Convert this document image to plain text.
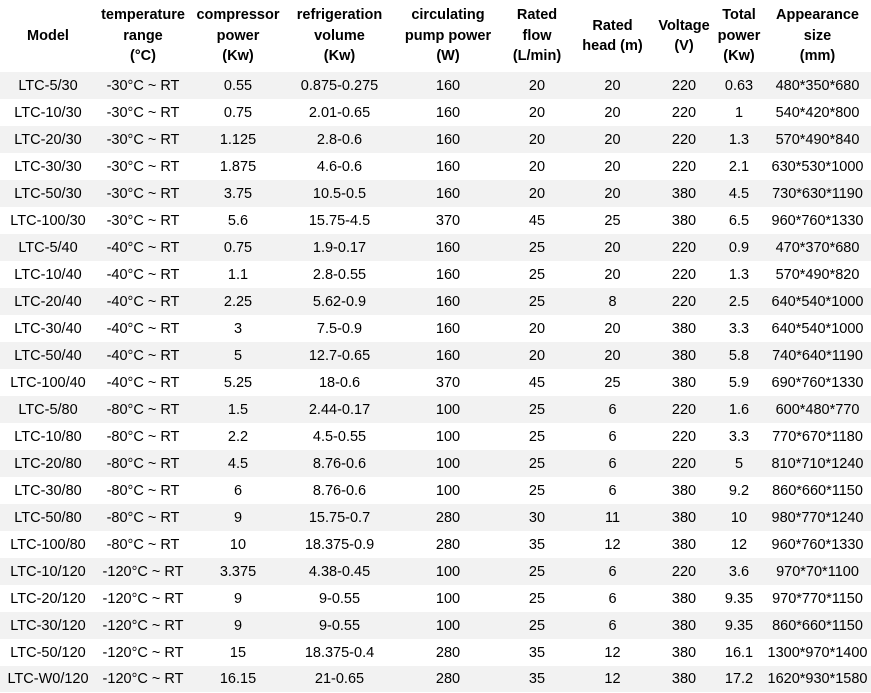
Model	temperature
range
(°C)	compressor
power
(Kw)	refrigeration
volume
(Kw)	circulating
pump power
(W)	Rated
flow
(L/min)	Rated
head (m)	Voltage
(V)	Total
power
(Kw)	Appearance size
(mm)

LTC-5/30	-30°C ~ RT	0.55	0.875-0.275	160	20	20	220	0.63	480*350*680
LTC-10/30	-30°C ~ RT	0.75	2.01-0.65	160	20	20	220	1	540*420*800
LTC-20/30	-30°C ~ RT	1.125	2.8-0.6	160	20	20	220	1.3	570*490*840
LTC-30/30	-30°C ~ RT	1.875	4.6-0.6	160	20	20	220	2.1	630*530*1000
LTC-50/30	-30°C ~ RT	3.75	10.5-0.5	160	20	20	380	4.5	730*630*1190
LTC-100/30	-30°C ~ RT	5.6	15.75-4.5	370	45	25	380	6.5	960*760*1330
LTC-5/40	-40°C ~ RT	0.75	1.9-0.17	160	25	20	220	0.9	470*370*680
LTC-10/40	-40°C ~ RT	1.1	2.8-0.55	160	25	20	220	1.3	570*490*820
LTC-20/40	-40°C ~ RT	2.25	5.62-0.9	160	25	8	220	2.5	640*540*1000
LTC-30/40	-40°C ~ RT	3	7.5-0.9	160	20	20	380	3.3	640*540*1000
LTC-50/40	-40°C ~ RT	5	12.7-0.65	160	20	20	380	5.8	740*640*1190
LTC-100/40	-40°C ~ RT	5.25	18-0.6	370	45	25	380	5.9	690*760*1330
LTC-5/80	-80°C ~ RT	1.5	2.44-0.17	100	25	6	220	1.6	600*480*770
LTC-10/80	-80°C ~ RT	2.2	4.5-0.55	100	25	6	220	3.3	770*670*1180
LTC-20/80	-80°C ~ RT	4.5	8.76-0.6	100	25	6	220	5	810*710*1240
LTC-30/80	-80°C ~ RT	6	8.76-0.6	100	25	6	380	9.2	860*660*1150
LTC-50/80	-80°C ~ RT	9	15.75-0.7	280	30	11	380	10	980*770*1240
LTC-100/80	-80°C ~ RT	10	18.375-0.9	280	35	12	380	12	960*760*1330
LTC-10/120	-120°C ~ RT	3.375	4.38-0.45	100	25	6	220	3.6	970*70*1100
LTC-20/120	-120°C ~ RT	9	9-0.55	100	25	6	380	9.35	970*770*1150
LTC-30/120	-120°C ~ RT	9	9-0.55	100	25	6	380	9.35	860*660*1150
LTC-50/120	-120°C ~ RT	15	18.375-0.4	280	35	12	380	16.1	1300*970*1400
LTC-W0/120	-120°C ~ RT	16.15	21-0.65	280	35	12	380	17.2	1620*930*1580
